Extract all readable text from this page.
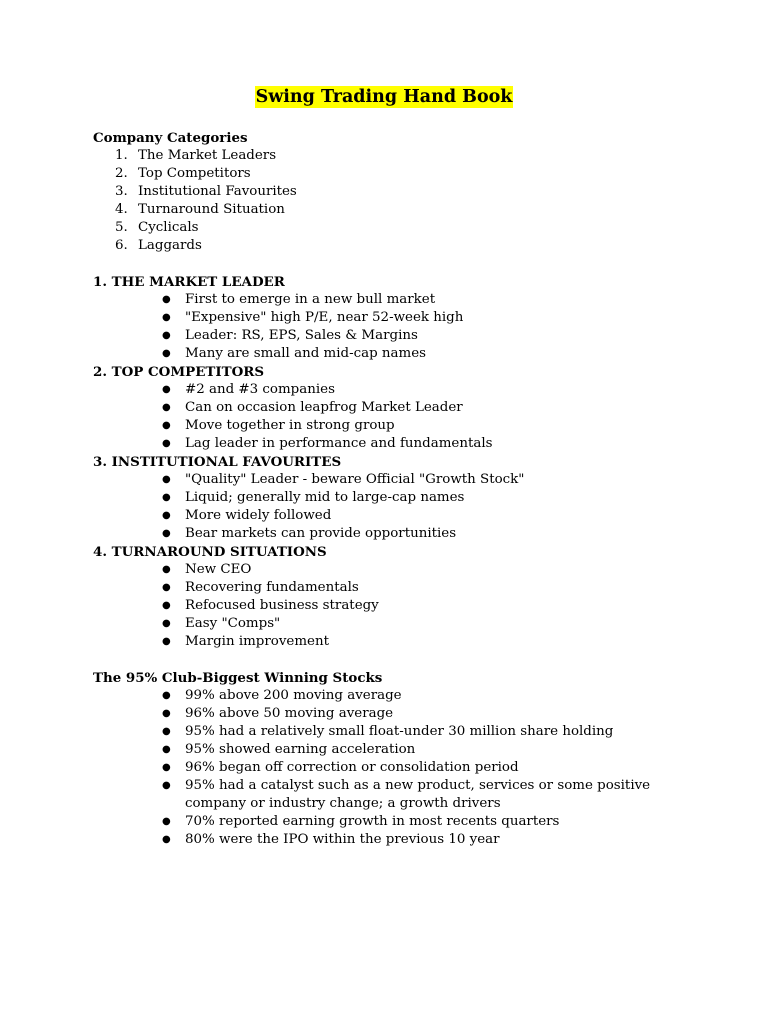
Swing Trading Hand Book
Company Categories
1. The Market Leaders
2. Top Competitors
3. Institutional Favourites
4. Turnaround Situation
5. Cyclicals
6. Laggards
1. THE MARKET LEADER
● First to emerge in a new bull market
● "Expensive" high P/E, near 52-week high
● Leader: RS, EPS, Sales & Margins
● Many are small and mid-cap names
2. TOP COMPETITORS
● #2 and #3 companies
● Can on occasion leapfrog Market Leader
● Move together in strong group
● Lag leader in performance and fundamentals
3. INSTITUTIONAL FAVOURITES
● "Quality" Leader - beware Official "Growth Stock"
● Liquid; generally mid to large-cap names
● More widely followed
● Bear markets can provide opportunities
4. TURNAROUND SITUATIONS
● New CEO
● Recovering fundamentals
● Refocused business strategy
● Easy "Comps"
● Margin improvement
The 95% Club-Biggest Winning Stocks
● 99% above 200 moving average
● 96% above 50 moving average
● 95% had a relatively small float-under 30 million share holding
● 95% showed earning acceleration
● 96% began off correction or consolidation period
● 95% had a catalyst such as a new product, services or some positive company or industry change; a growth drivers
● 70% reported earning growth in most recents quarters
● 80% were the IPO within the previous 10 year
